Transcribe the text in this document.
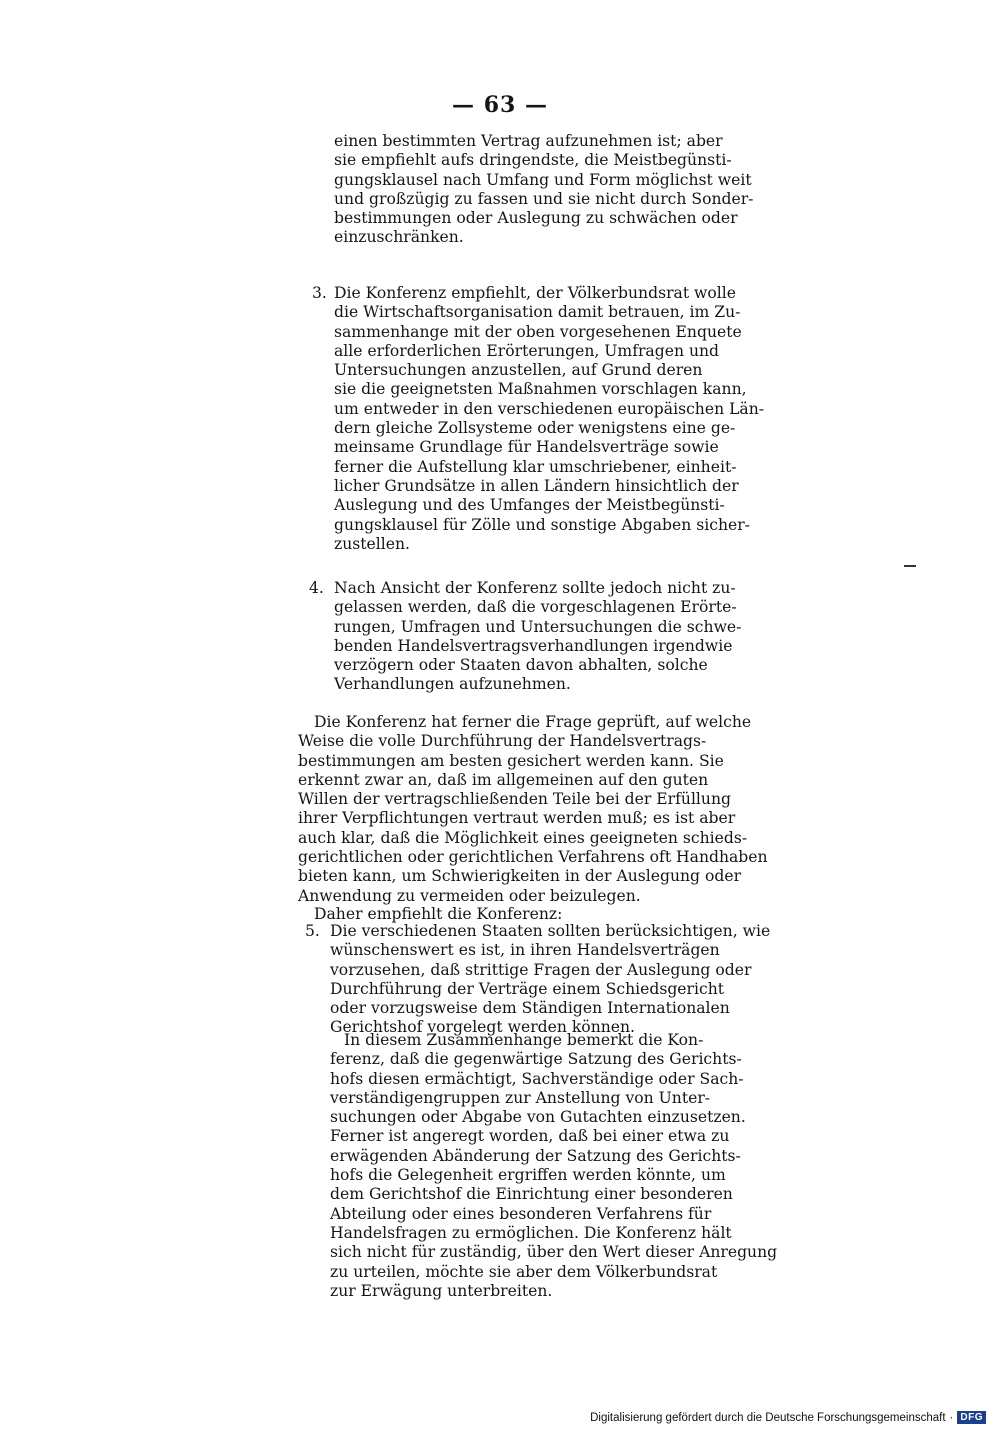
— 63 —
einen bestimmten Vertrag aufzunehmen ist; aber
sie empfiehlt aufs dringendste, die Meistbegünsti-
gungsklausel nach Umfang und Form möglichst weit
und großzügig zu fassen und sie nicht durch Sonder-
bestimmungen oder Auslegung zu schwächen oder
einzuschränken.
3. Die Konferenz empfiehlt, der Völkerbundsrat wolle
die Wirtschaftsorganisation damit betrauen, im Zu-
sammenhange mit der oben vorgesehenen Enquete
alle erforderlichen Erörterungen, Umfragen und
Untersuchungen anzustellen, auf Grund deren
sie die geeignetsten Maßnahmen vorschlagen kann,
um entweder in den verschiedenen europäischen Län-
dern gleiche Zollsysteme oder wenigstens eine ge-
meinsame Grundlage für Handelsverträge sowie
ferner die Aufstellung klar umschriebener, einheit-
licher Grundsätze in allen Ländern hinsichtlich der
Auslegung und des Umfanges der Meistbegünsti-
gungsklausel für Zölle und sonstige Abgaben sicher-
zustellen.
4. Nach Ansicht der Konferenz sollte jedoch nicht zu-
gelassen werden, daß die vorgeschlagenen Erörte-
rungen, Umfragen und Untersuchungen die schwe-
benden Handelsvertragsverhandlungen irgendwie
verzögern oder Staaten davon abhalten, solche
Verhandlungen aufzunehmen.
Die Konferenz hat ferner die Frage geprüft, auf welche
Weise die volle Durchführung der Handelsvertrags-
bestimmungen am besten gesichert werden kann. Sie
erkennt zwar an, daß im allgemeinen auf den guten
Willen der vertragschließenden Teile bei der Erfüllung
ihrer Verpflichtungen vertraut werden muß; es ist aber
auch klar, daß die Möglichkeit eines geeigneten schieds-
gerichtlichen oder gerichtlichen Verfahrens oft Handhaben
bieten kann, um Schwierigkeiten in der Auslegung oder
Anwendung zu vermeiden oder beizulegen.
Daher empfiehlt die Konferenz:
5. Die verschiedenen Staaten sollten berücksichtigen, wie
wünschenswert es ist, in ihren Handelsverträgen
vorzusehen, daß strittige Fragen der Auslegung oder
Durchführung der Verträge einem Schiedsgericht
oder vorzugsweise dem Ständigen Internationalen
Gerichtshof vorgelegt werden können.
In diesem Zusammenhange bemerkt die Kon-
ferenz, daß die gegenwärtige Satzung des Gerichts-
hofs diesen ermächtigt, Sachverständige oder Sach-
verständigengruppen zur Anstellung von Unter-
suchungen oder Abgabe von Gutachten einzusetzen.
Ferner ist angeregt worden, daß bei einer etwa zu
erwägenden Abänderung der Satzung des Gerichts-
hofs die Gelegenheit ergriffen werden könnte, um
dem Gerichtshof die Einrichtung einer besonderen
Abteilung oder eines besonderen Verfahrens für
Handelsfragen zu ermöglichen. Die Konferenz hält
sich nicht für zuständig, über den Wert dieser Anregung
zu urteilen, möchte sie aber dem Völkerbundsrat
zur Erwägung unterbreiten.
Digitalisierung gefördert durch die Deutsche Forschungsgemeinschaft · DFG
